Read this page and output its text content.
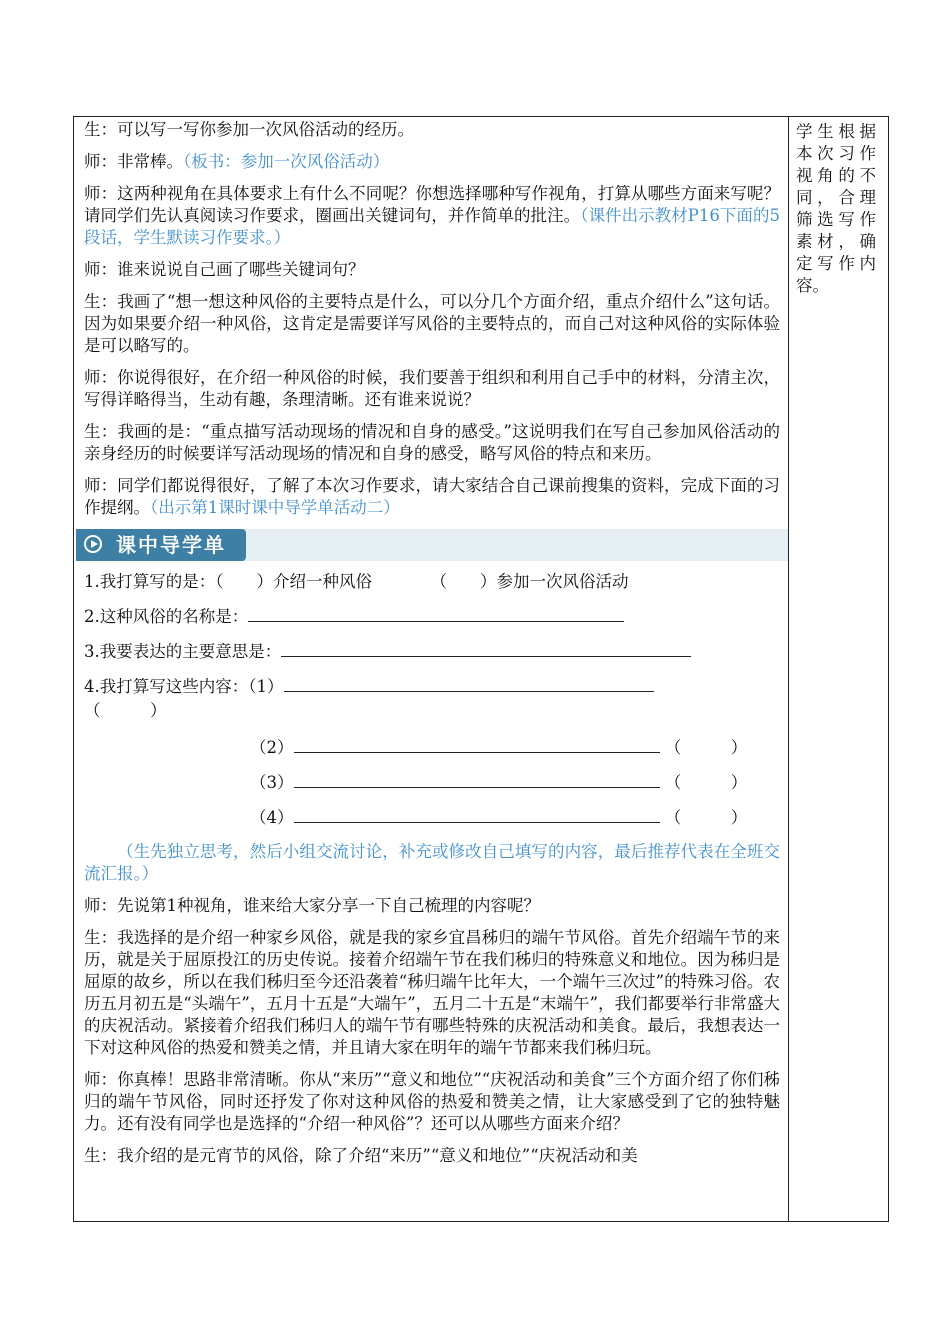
生：可以写一写你参加一次风俗活动的经历。

师：非常棒。（板书：参加一次风俗活动）

师：这两种视角在具体要求上有什么不同呢？你想选择哪种写作视角，打算从哪些方面来写呢？请同学们先认真阅读习作要求，圈画出关键词句，并作简单的批注。（课件出示教材P16下面的5段话，学生默读习作要求。）

师：谁来说说自己画了哪些关键词句？

生：我画了“想一想这种风俗的主要特点是什么，可以分几个方面介绍，重点介绍什么”这句话。因为如果要介绍一种风俗，这肯定是需要详写风俗的主要特点的，而自己对这种风俗的实际体验是可以略写的。

师：你说得很好，在介绍一种风俗的时候，我们要善于组织和利用自己手中的材料，分清主次，写得详略得当，生动有趣，条理清晰。还有谁来说说？

生：我画的是：“重点描写活动现场的情况和自身的感受。”这说明我们在写自己参加风俗活动的亲身经历的时候要详写活动现场的情况和自身的感受，略写风俗的特点和来历。

师：同学们都说得很好，了解了本次习作要求，请大家结合自己课前搜集的资料，完成下面的习作提纲。（出示第1课时课中导学单活动二）

课中导学单
1.我打算写的是：（　　）介绍一种风俗	（　　）参加一次风俗活动
2.这种风俗的名称是：
3.我要表达的主要意思是：
4.我打算写这些内容：（1）
（　　　）
（2）	（　　　）
（3）	（　　　）
（4）	（　　　）

（生先独立思考，然后小组交流讨论，补充或修改自己填写的内容，最后推荐代表在全班交流汇报。）

师：先说第1种视角，谁来给大家分享一下自己梳理的内容呢？

生：我选择的是介绍一种家乡风俗，就是我的家乡宜昌秭归的端午节风俗。首先介绍端午节的来历，就是关于屈原投江的历史传说。接着介绍端午节在我们秭归的特殊意义和地位。因为秭归是屈原的故乡，所以在我们秭归至今还沿袭着“秭归端午比年大，一个端午三次过”的特殊习俗。农历五月初五是“头端午”，五月十五是“大端午”，五月二十五是“末端午”，我们都要举行非常盛大的庆祝活动。紧接着介绍我们秭归人的端午节有哪些特殊的庆祝活动和美食。最后，我想表达一下对这种风俗的热爱和赞美之情，并且请大家在明年的端午节都来我们秭归玩。

师：你真棒！思路非常清晰。你从“来历”“意义和地位”“庆祝活动和美食”三个方面介绍了你们秭归的端午节风俗，同时还抒发了你对这种风俗的热爱和赞美之情，让大家感受到了它的独特魅力。还有没有同学也是选择的“介绍一种风俗”？还可以从哪些方面来介绍？

生：我介绍的是元宵节的风俗，除了介绍“来历”“意义和地位”“庆祝活动和美

学生根据本次习作视角的不同，合理筛选写作素材，确定写作内容。
